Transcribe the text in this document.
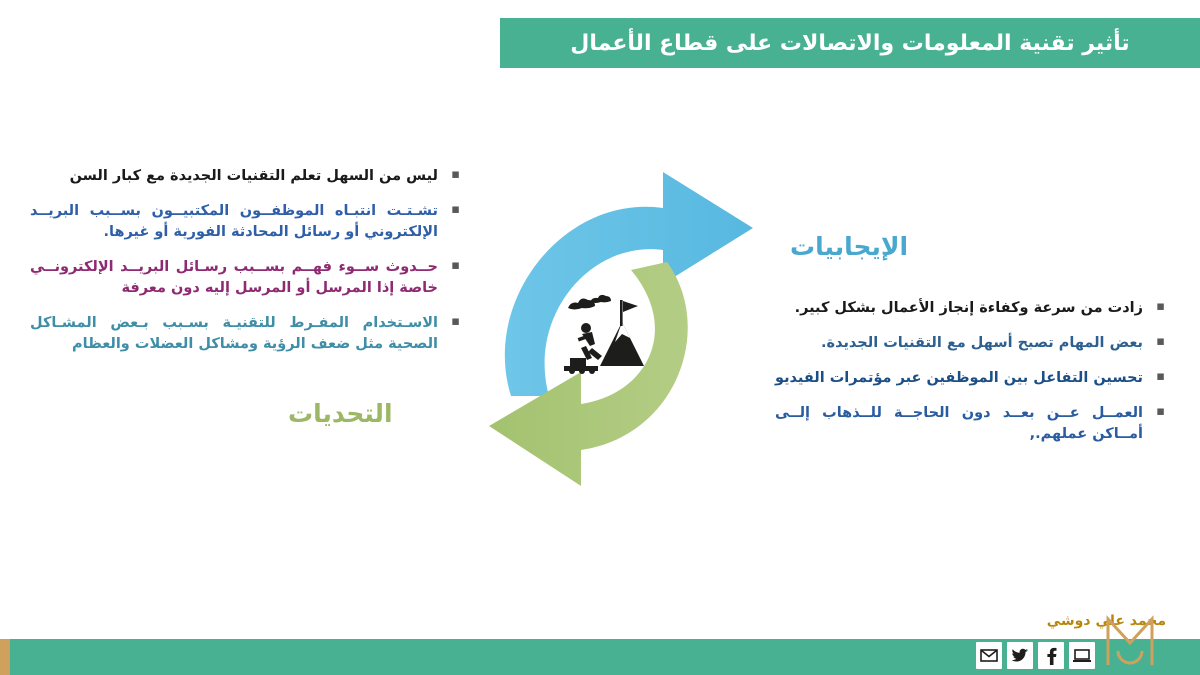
تأثير تقنية المعلومات والاتصالات على قطاع الأعمال
الإيجابيات
التحديات
▪ ليس من السهل تعلم التقنيات الجديدة مع كبار السن
▪ تشـتـت انتبـاه الموظفــون المكتبيــون بســبب البريــد الإلكتروني أو رسائل المحادثة الفورية أو غيرها.
▪ حــدوث ســوء فهــم بســبب رسـائل البريــد الإلكترونــي خاصة إذا المرسل أو المرسل إليه دون معرفة
▪ الاسـتخدام المفـرط للتقنيـة بسـبب بـعض المشـاكل الصحية مثل ضعف الرؤية ومشاكل العضلات والعظام
▪ زادت من سرعة وكفاءة إنجاز الأعمال بشكل كبير.
▪ بعض المهام تصبح أسهل مع التقنيات الجديدة.
▪ تحسين التفاعل بين الموظفين عبر مؤتمرات الفيديو
▪ العمــل عــن بعــد دون الحاجــة للــذهاب إلــى أمــاكن عملهم.,
محمد علي دوشي
